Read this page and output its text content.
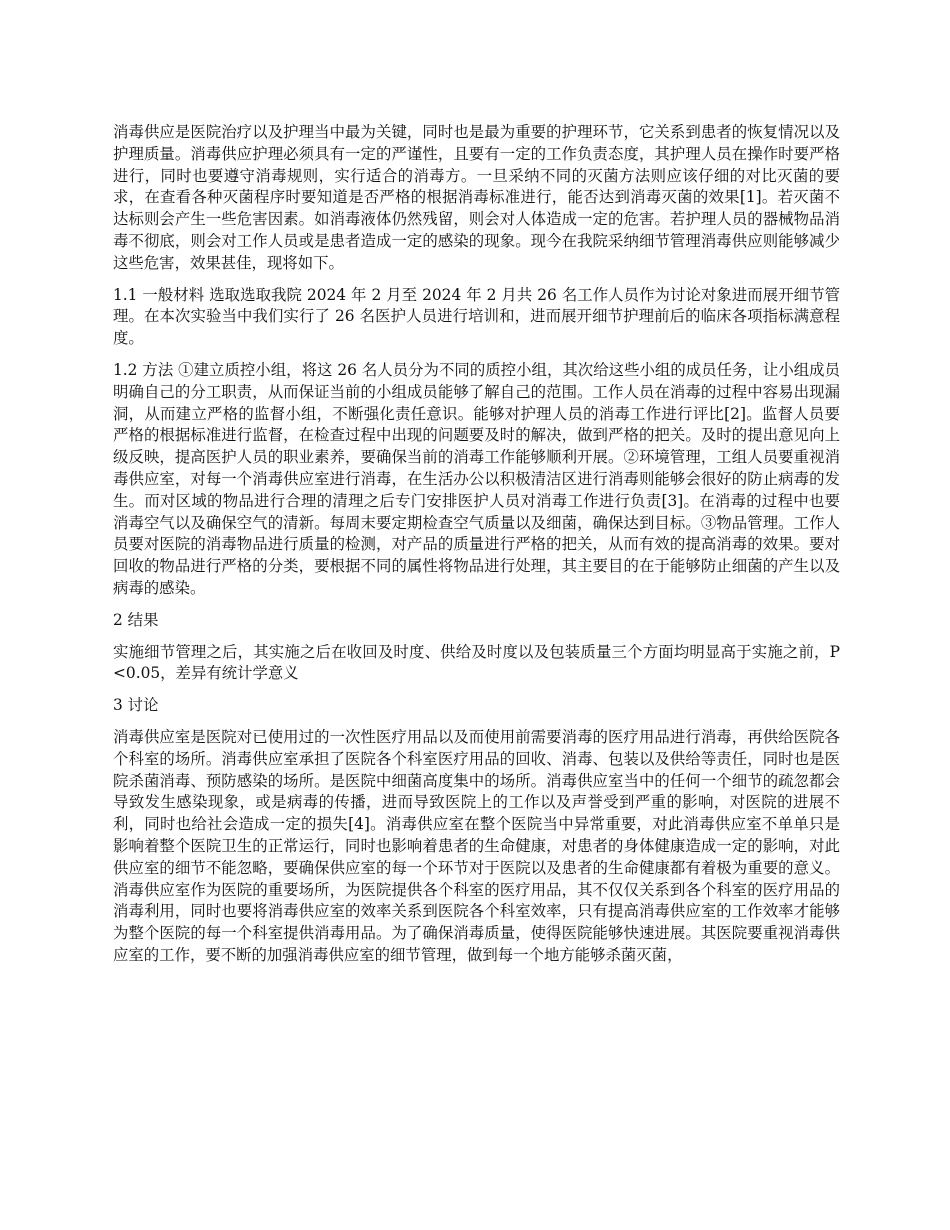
消毒供应是医院治疗以及护理当中最为关键，同时也是最为重要的护理环节，它关系到患者的恢复情况以及护理质量。消毒供应护理必须具有一定的严谨性，且要有一定的工作负责态度，其护理人员在操作时要严格进行，同时也要遵守消毒规则，实行适合的消毒方。一旦采纳不同的灭菌方法则应该仔细的对比灭菌的要求，在查看各种灭菌程序时要知道是否严格的根据消毒标准进行，能否达到消毒灭菌的效果[1]。若灭菌不达标则会产生一些危害因素。如消毒液体仍然残留，则会对人体造成一定的危害。若护理人员的器械物品消毒不彻底，则会对工作人员或是患者造成一定的感染的现象。现今在我院采纳细节管理消毒供应则能够减少这些危害，效果甚佳，现将如下。

1.1 一般材料 选取选取我院 2024 年 2 月至 2024 年 2 月共 26 名工作人员作为讨论对象进而展开细节管理。在本次实验当中我们实行了 26 名医护人员进行培训和，进而展开细节护理前后的临床各项指标满意程度。

1.2 方法 ①建立质控小组，将这 26 名人员分为不同的质控小组，其次给这些小组的成员任务，让小组成员明确自己的分工职责，从而保证当前的小组成员能够了解自己的范围。工作人员在消毒的过程中容易出现漏洞，从而建立严格的监督小组，不断强化责任意识。能够对护理人员的消毒工作进行评比[2]。监督人员要严格的根据标准进行监督，在检查过程中出现的问题要及时的解决，做到严格的把关。及时的提出意见向上级反映，提高医护人员的职业素养，要确保当前的消毒工作能够顺利开展。②环境管理，工组人员要重视消毒供应室，对每一个消毒供应室进行消毒，在生活办公以积极清洁区进行消毒则能够会很好的防止病毒的发生。而对区域的物品进行合理的清理之后专门安排医护人员对消毒工作进行负责[3]。在消毒的过程中也要消毒空气以及确保空气的清新。每周末要定期检查空气质量以及细菌，确保达到目标。③物品管理。工作人员要对医院的消毒物品进行质量的检测，对产品的质量进行严格的把关，从而有效的提高消毒的效果。要对回收的物品进行严格的分类，要根据不同的属性将物品进行处理，其主要目的在于能够防止细菌的产生以及病毒的感染。

2 结果

实施细节管理之后，其实施之后在收回及时度、供给及时度以及包装质量三个方面均明显高于实施之前，P<0.05，差异有统计学意义

3 讨论

消毒供应室是医院对已使用过的一次性医疗用品以及而使用前需要消毒的医疗用品进行消毒，再供给医院各个科室的场所。消毒供应室承担了医院各个科室医疗用品的回收、消毒、包装以及供给等责任，同时也是医院杀菌消毒、预防感染的场所。是医院中细菌高度集中的场所。消毒供应室当中的任何一个细节的疏忽都会导致发生感染现象，或是病毒的传播，进而导致医院上的工作以及声誉受到严重的影响，对医院的进展不利，同时也给社会造成一定的损失[4]。消毒供应室在整个医院当中异常重要，对此消毒供应室不单单只是影响着整个医院卫生的正常运行，同时也影响着患者的生命健康，对患者的身体健康造成一定的影响，对此供应室的细节不能忽略，要确保供应室的每一个环节对于医院以及患者的生命健康都有着极为重要的意义。消毒供应室作为医院的重要场所，为医院提供各个科室的医疗用品，其不仅仅关系到各个科室的医疗用品的消毒利用，同时也要将消毒供应室的效率关系到医院各个科室效率，只有提高消毒供应室的工作效率才能够为整个医院的每一个科室提供消毒用品。为了确保消毒质量，使得医院能够快速进展。其医院要重视消毒供应室的工作，要不断的加强消毒供应室的细节管理，做到每一个地方能够杀菌灭菌，
